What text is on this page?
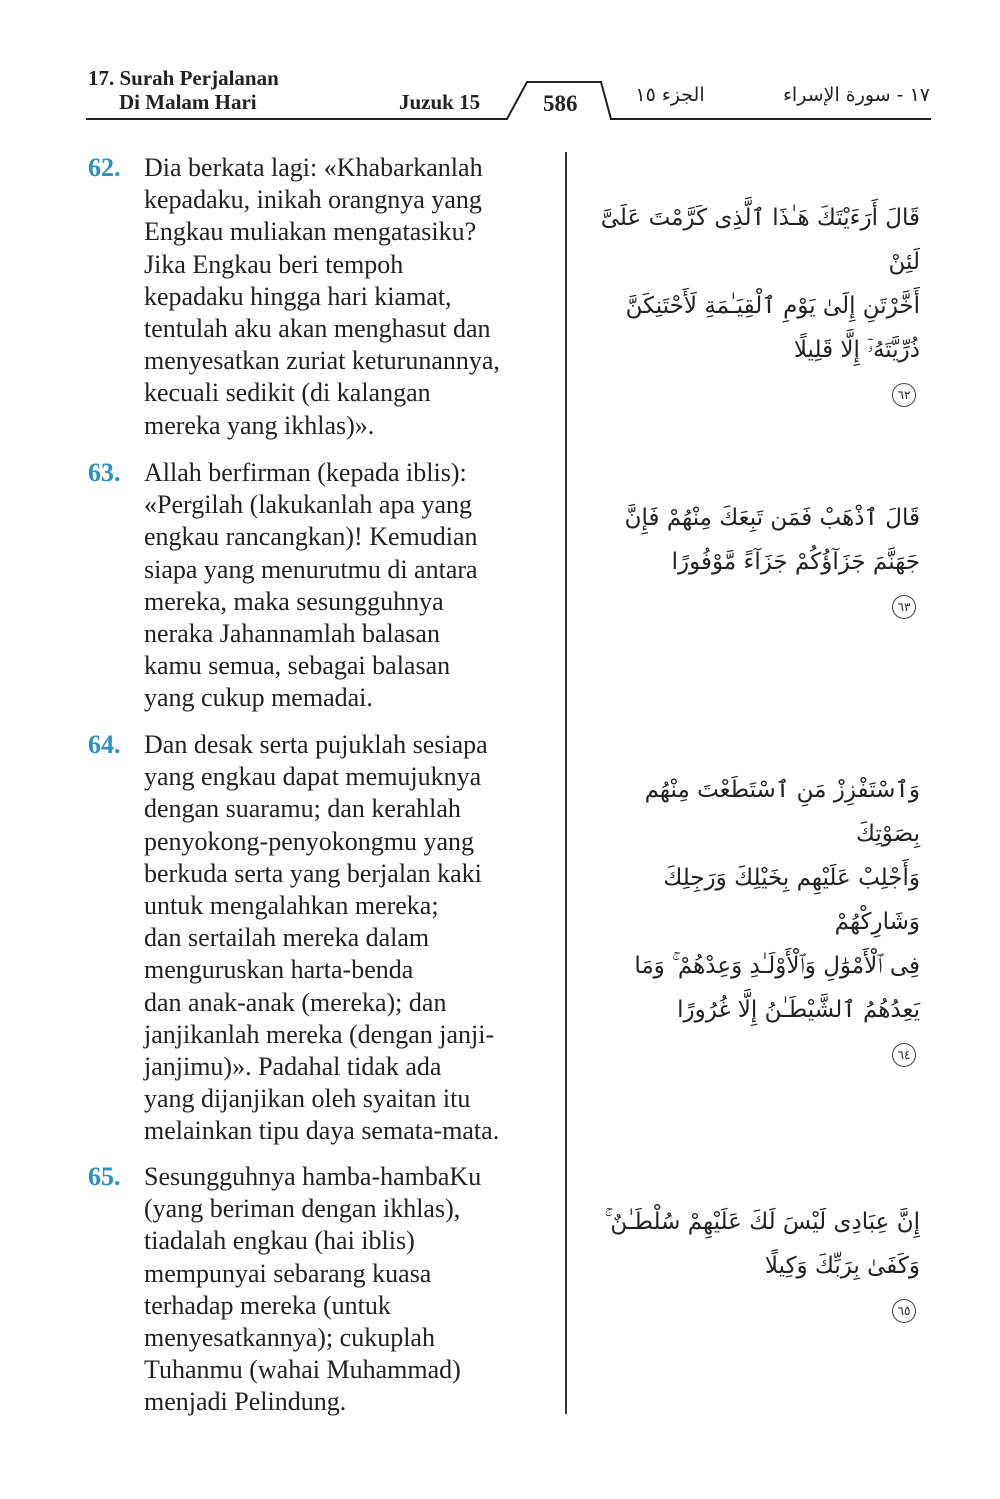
17. Surah Perjalanan
Di Malam Hari	Juzuk 15	586	الجزء ١٥	١٧ - سورة الإسراء
62. Dia berkata lagi: «Khabarkanlah
kepadaku, inikah orangnya yang
Engkau muliakan mengatasiku?
Jika Engkau beri tempoh
kepadaku hingga hari kiamat,
tentulah aku akan menghasut dan
menyesatkan zuriat keturunannya,
kecuali sedikit (di kalangan
mereka yang ikhlas)».

قَالَ أَرَءَيْتَكَ هَـٰذَا ٱلَّذِى كَرَّمْتَ عَلَىَّ لَئِنْ
أَخَّرْتَنِ إِلَىٰ يَوْمِ ٱلْقِيَـٰمَةِ لَأَحْتَنِكَنَّ
ذُرِّيَّتَهُۥٓ إِلَّا قَلِيلًا
٦٢

63. Allah berfirman (kepada iblis):
«Pergilah (lakukanlah apa yang
engkau rancangkan)! Kemudian
siapa yang menurutmu di antara
mereka, maka sesungguhnya
neraka Jahannamlah balasan
kamu semua, sebagai balasan
yang cukup memadai.

قَالَ ٱذْهَبْ فَمَن تَبِعَكَ مِنْهُمْ فَإِنَّ
جَهَنَّمَ جَزَآؤُكُمْ جَزَآءً مَّوْفُورًا
٦٣

64. Dan desak serta pujuklah sesiapa
yang engkau dapat memujuknya
dengan suaramu; dan kerahlah
penyokong-penyokongmu yang
berkuda serta yang berjalan kaki
untuk mengalahkan mereka;
dan sertailah mereka dalam
menguruskan harta-benda
dan anak-anak (mereka); dan
janjikanlah mereka (dengan janji-
janjimu)». Padahal tidak ada
yang dijanjikan oleh syaitan itu
melainkan tipu daya semata-mata.

وَٱسْتَفْزِزْ مَنِ ٱسْتَطَعْتَ مِنْهُم بِصَوْتِكَ
وَأَجْلِبْ عَلَيْهِم بِخَيْلِكَ وَرَجِلِكَ وَشَارِكْهُمْ
فِى ٱلْأَمْوَٰلِ وَٱلْأَوْلَـٰدِ وَعِدْهُمْ ۚ وَمَا
يَعِدُهُمُ ٱلشَّيْطَـٰنُ إِلَّا غُرُورًا
٦٤

65. Sesungguhnya hamba-hambaKu
(yang beriman dengan ikhlas),
tiadalah engkau (hai iblis)
mempunyai sebarang kuasa
terhadap mereka (untuk
menyesatkannya); cukuplah
Tuhanmu (wahai Muhammad)
menjadi Pelindung.

إِنَّ عِبَادِى لَيْسَ لَكَ عَلَيْهِمْ سُلْطَـٰنٌ ۚ
وَكَفَىٰ بِرَبِّكَ وَكِيلًا
٦٥
